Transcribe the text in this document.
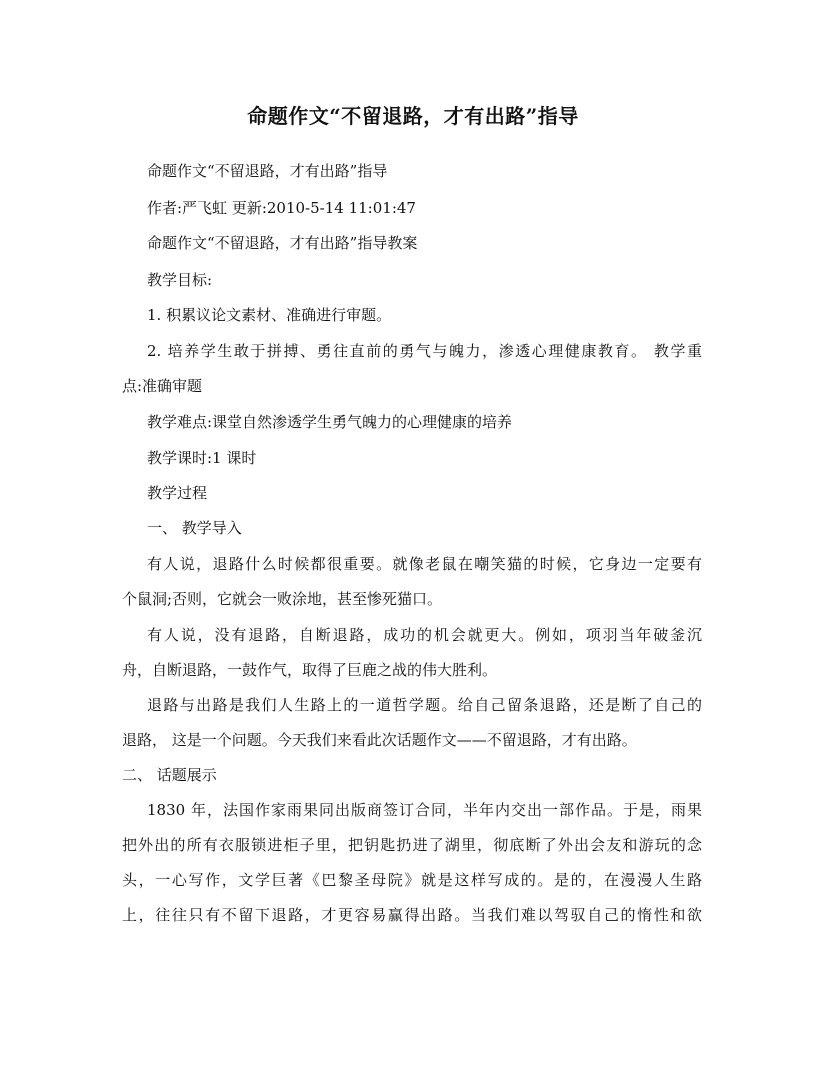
命题作文“不留退路，才有出路”指导
命题作文“不留退路，才有出路”指导
作者:严飞虹 更新:2010-5-14 11:01:47
命题作文“不留退路，才有出路”指导教案
教学目标:
1. 积累议论文素材、准确进行审题。
2. 培养学生敢于拼搏、勇往直前的勇气与魄力，渗透心理健康教育。 教学重
点:准确审题
教学难点:课堂自然渗透学生勇气魄力的心理健康的培养
教学课时:1 课时
教学过程
一、 教学导入
有人说，退路什么时候都很重要。就像老鼠在嘲笑猫的时候，它身边一定要有
个鼠洞;否则，它就会一败涂地，甚至惨死猫口。
有人说，没有退路，自断退路，成功的机会就更大。例如，项羽当年破釜沉
舟，自断退路，一鼓作气，取得了巨鹿之战的伟大胜利。
退路与出路是我们人生路上的一道哲学题。给自己留条退路，还是断了自己的
退路， 这是一个问题。今天我们来看此次话题作文——不留退路，才有出路。
二、 话题展示
1830 年，法国作家雨果同出版商签订合同，半年内交出一部作品。于是，雨果
把外出的所有衣服锁进柜子里，把钥匙扔进了湖里，彻底断了外出会友和游玩的念
头，一心写作，文学巨著《巴黎圣母院》就是这样写成的。是的，在漫漫人生路
上，往往只有不留下退路，才更容易赢得出路。当我们难以驾驭自己的惰性和欲
